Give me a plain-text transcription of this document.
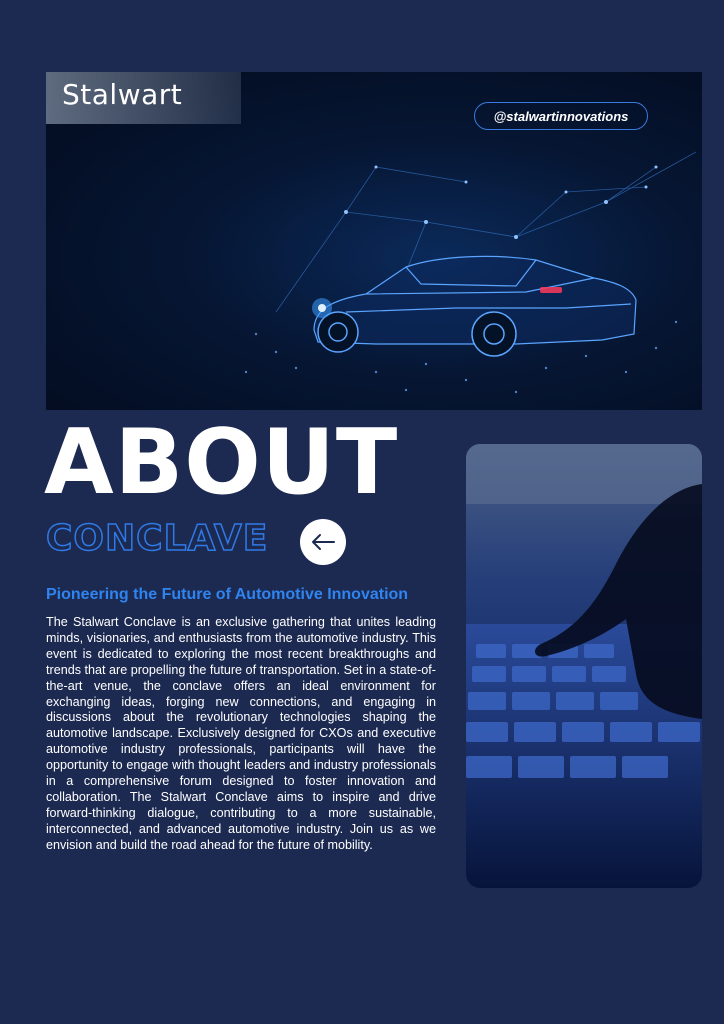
Stalwart
@stalwartinnovations
ABOUT
CONCLAVE
Pioneering the Future of Automotive Innovation
The Stalwart Conclave is an exclusive gathering that unites leading minds, visionaries, and enthusiasts from the automotive industry. This event is dedicated to exploring the most recent breakthroughs and trends that are propelling the future of transportation. Set in a state-of-the-art venue, the conclave offers an ideal environment for exchanging ideas, forging new connections, and engaging in discussions about the revolutionary technologies shaping the automotive landscape. Exclusively designed for CXOs and executive automotive industry professionals, participants will have the opportunity to engage with thought leaders and industry professionals in a comprehensive forum designed to foster innovation and collaboration. The Stalwart Conclave aims to inspire and drive forward-thinking dialogue, contributing to a more sustainable, interconnected, and advanced automotive industry. Join us as we envision and build the road ahead for the future of mobility.
